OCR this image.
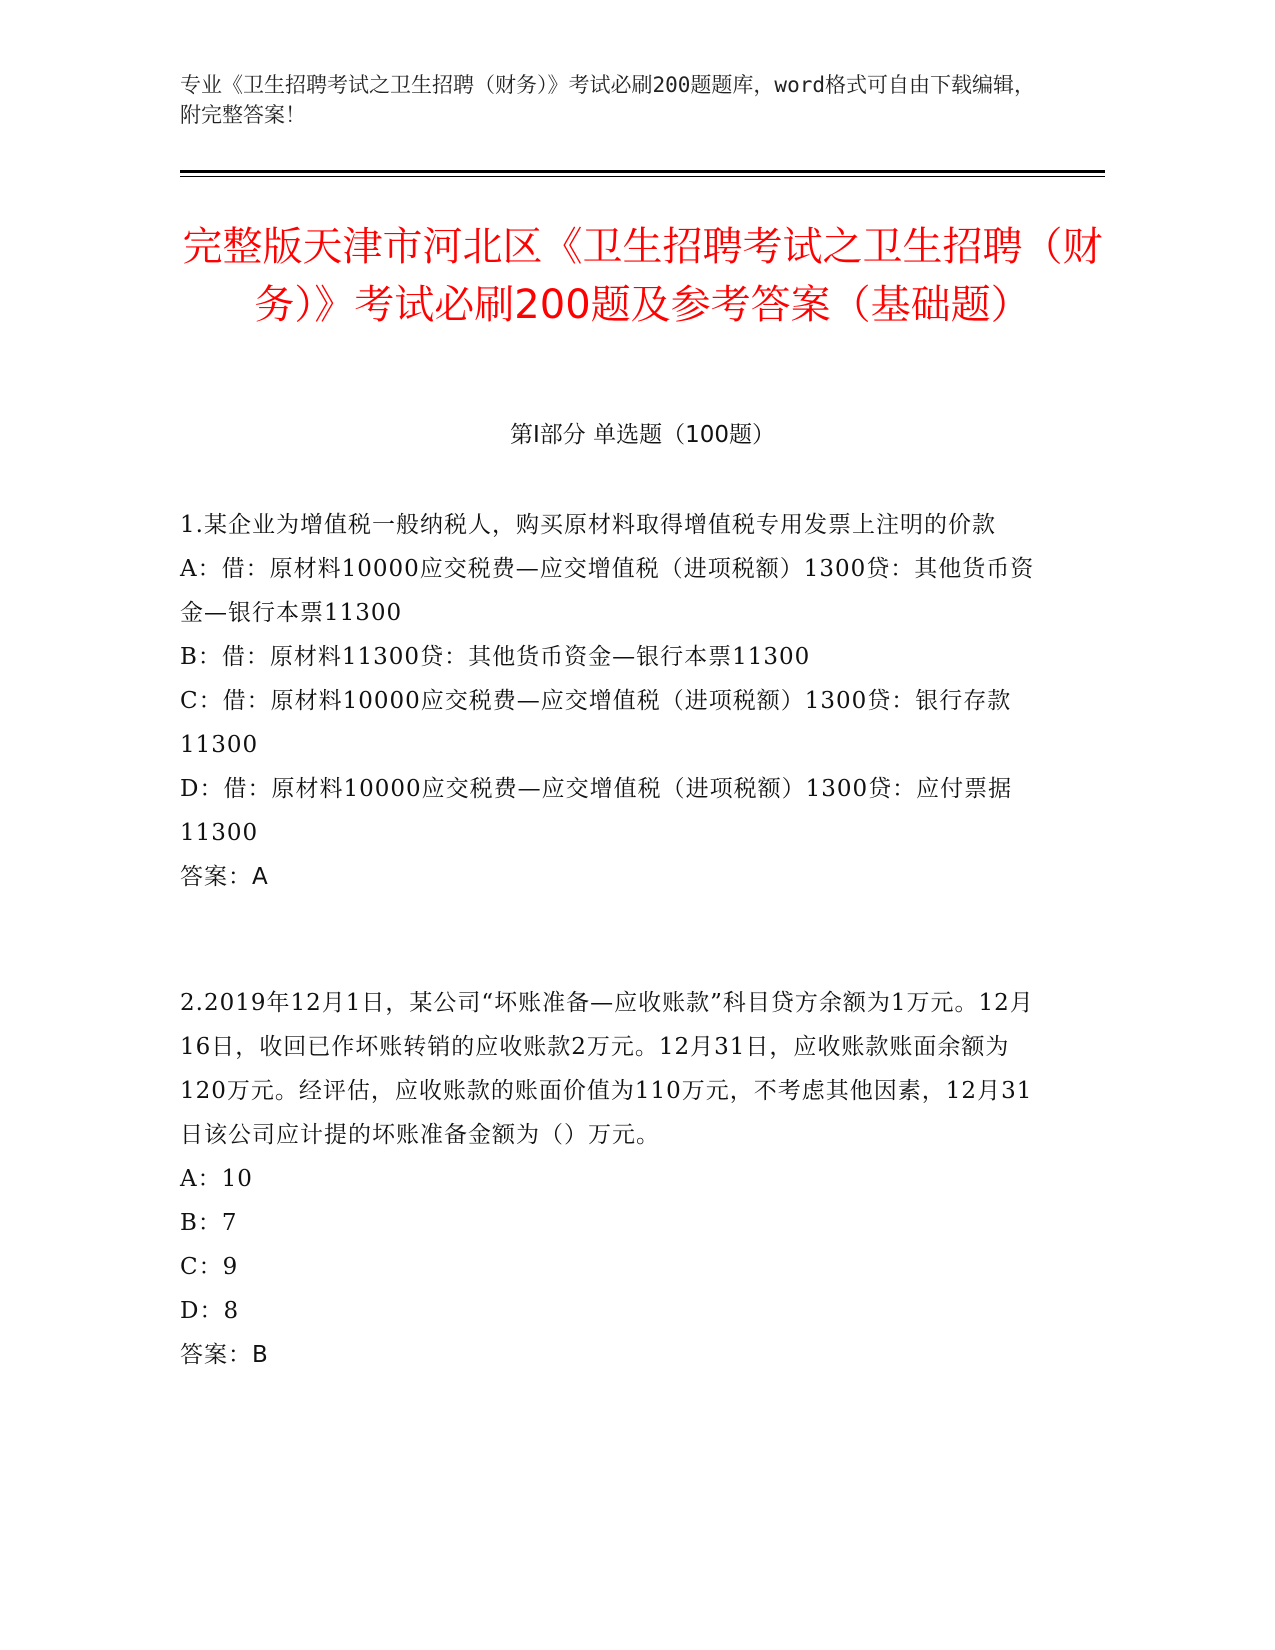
专业《卫生招聘考试之卫生招聘（财务）》考试必刷200题题库，word格式可自由下载编辑，附完整答案！
完整版天津市河北区《卫生招聘考试之卫生招聘（财务）》考试必刷200题及参考答案（基础题）
第I部分 单选题（100题）
1.某企业为增值税一般纳税人，购买原材料取得增值税专用发票上注明的价款
A：借：原材料10000应交税费—应交增值税（进项税额）1300贷：其他货币资金—银行本票11300
B：借：原材料11300贷：其他货币资金—银行本票11300
C：借：原材料10000应交税费—应交增值税（进项税额）1300贷：银行存款11300
D：借：原材料10000应交税费—应交增值税（进项税额）1300贷：应付票据11300
答案：A
2.2019年12月1日，某公司“坏账准备—应收账款”科目贷方余额为1万元。12月16日，收回已作坏账转销的应收账款2万元。12月31日，应收账款账面余额为120万元。经评估，应收账款的账面价值为110万元，不考虑其他因素，12月31日该公司应计提的坏账准备金额为（）万元。
A：10
B：7
C：9
D：8
答案：B
